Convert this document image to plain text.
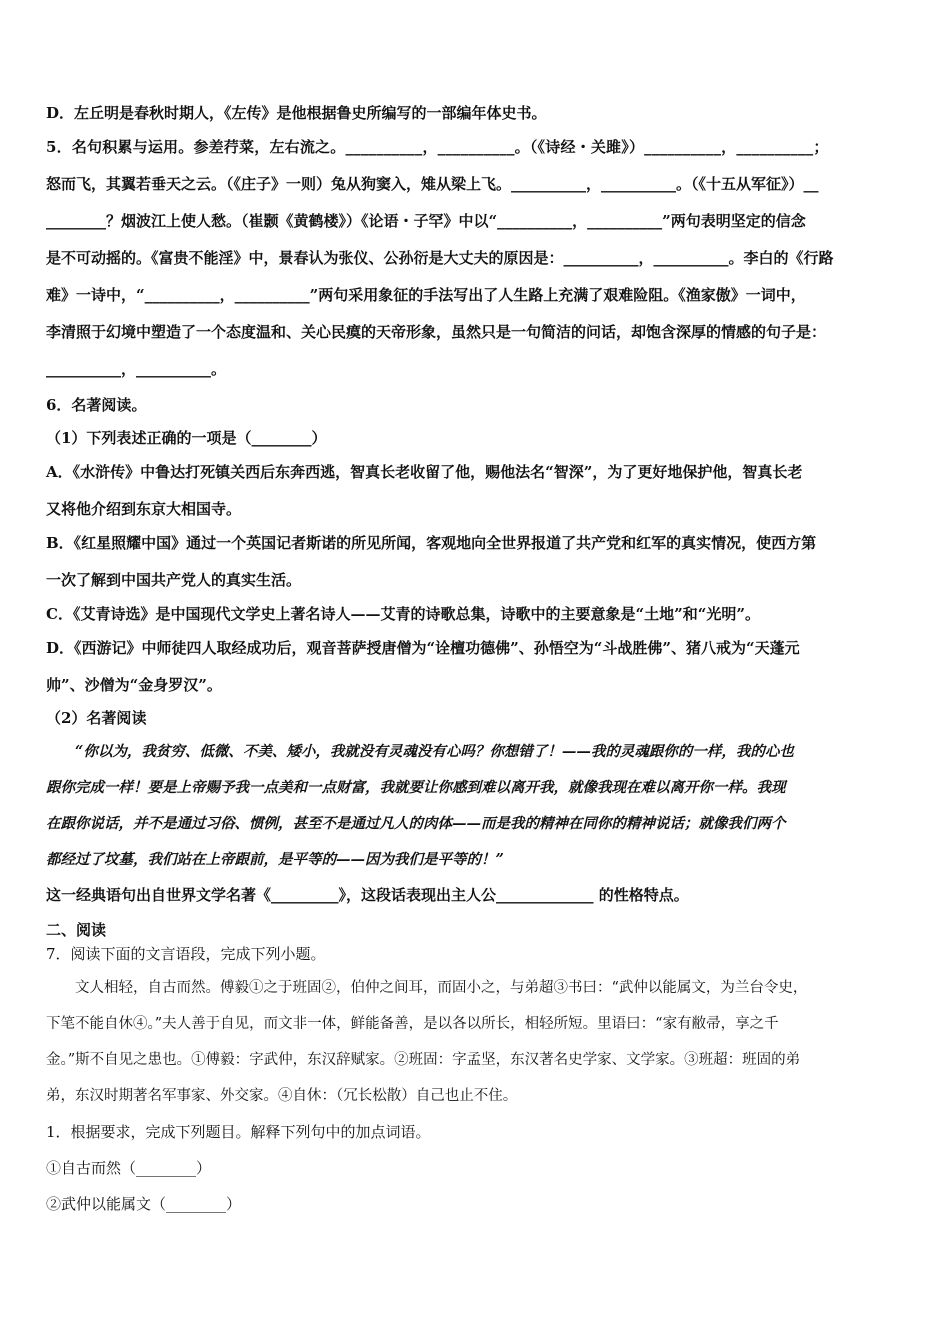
D．左丘明是春秋时期人，《左传》是他根据鲁史所编写的一部编年体史书。

5．名句积累与运用。参差荇菜，左右流之。__________，__________。（《诗经・关雎》）__________，__________；

怒而飞，其翼若垂天之云。（《庄子》一则）兔从狗窦入，雉从梁上飞。__________，__________。（《十五从军征》）__

________？烟波江上使人愁。（崔颢《黄鹤楼》）《论语・子罕》中以“__________，__________”两句表明坚定的信念

是不可动摇的。《富贵不能淫》中，景春认为张仪、公孙衍是大丈夫的原因是：__________，__________。李白的《行路

难》一诗中，“__________，__________”两句采用象征的手法写出了人生路上充满了艰难险阻。《渔家傲》一词中，

李清照于幻境中塑造了一个态度温和、关心民瘼的天帝形象，虽然只是一句简洁的问话，却饱含深厚的情感的句子是：

__________，__________。

6．名著阅读。

（1）下列表述正确的一项是（________）

A．《水浒传》中鲁达打死镇关西后东奔西逃，智真长老收留了他，赐他法名“智深”，为了更好地保护他，智真长老

又将他介绍到东京大相国寺。

B．《红星照耀中国》通过一个英国记者斯诺的所见所闻，客观地向全世界报道了共产党和红军的真实情况，使西方第

一次了解到中国共产党人的真实生活。

C．《艾青诗选》是中国现代文学史上著名诗人——艾青的诗歌总集，诗歌中的主要意象是“土地”和“光明”。

D．《西游记》中师徒四人取经成功后，观音菩萨授唐僧为“诠檀功德佛”、孙悟空为“斗战胜佛”、猪八戒为“天蓬元

帅”、沙僧为“金身罗汉”。

（2）名著阅读

　　“你以为，我贫穷、低微、不美、矮小，我就没有灵魂没有心吗？你想错了！——我的灵魂跟你的一样，我的心也

跟你完成一样！要是上帝赐予我一点美和一点财富，我就要让你感到难以离开我，就像我现在难以离开你一样。我现

在跟你说话，并不是通过习俗、惯例，甚至不是通过凡人的肉体——而是我的精神在同你的精神说话；就像我们两个

都经过了坟墓，我们站在上帝跟前，是平等的——因为我们是平等的！”

这一经典语句出自世界文学名著《_________》，这段话表现出主人公_____________ 的性格特点。

二、阅读

7．阅读下面的文言语段，完成下列小题。

　　文人相轻，自古而然。傅毅①之于班固②，伯仲之间耳，而固小之，与弟超③书曰：“武仲以能属文，为兰台令史，

下笔不能自休④。”夫人善于自见，而文非一体，鲜能备善，是以各以所长，相轻所短。里语曰：“家有敝帚，享之千

金。”斯不自见之患也。①傅毅：字武仲，东汉辞赋家。②班固：字孟坚，东汉著名史学家、文学家。③班超：班固的弟

弟，东汉时期著名军事家、外交家。④自休：（冗长松散）自己也止不住。

1．根据要求，完成下列题目。解释下列句中的加点词语。

①自古而然（________）

②武仲以能属文（________）
